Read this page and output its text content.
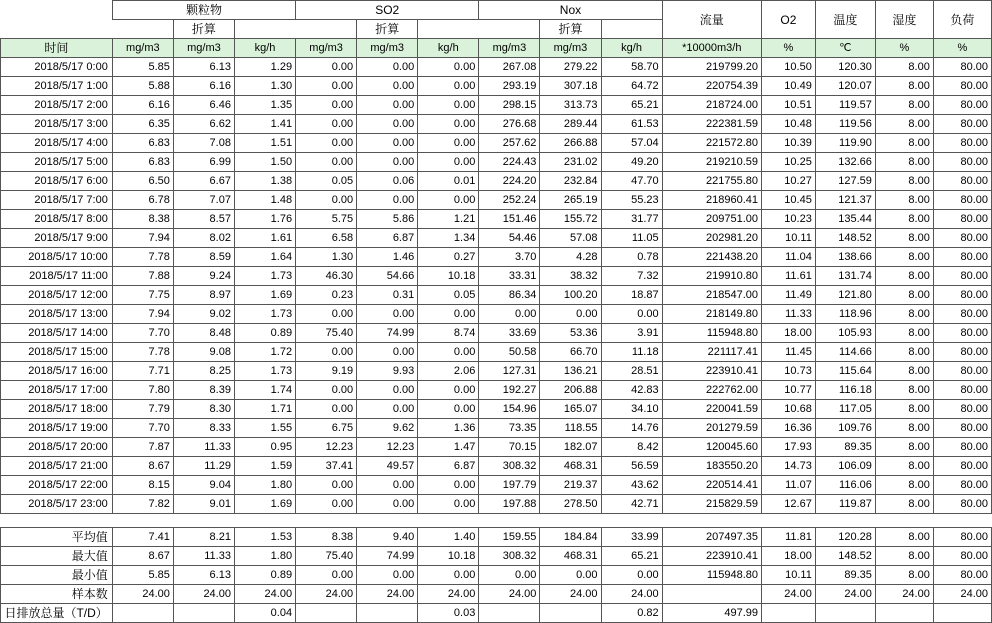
	颗粒物			SO2			Nox			流量	O2	温度	湿度	负荷
		折算			折算			折算						
时间	mg/m3	mg/m3	kg/h	mg/m3	mg/m3	kg/h	mg/m3	mg/m3	kg/h	*10000m3/h	%	℃	%	%
2018/5/17 0:00	5.85	6.13	1.29	0.00	0.00	0.00	267.08	279.22	58.70	219799.20	10.50	120.30	8.00	80.00
2018/5/17 1:00	5.88	6.16	1.30	0.00	0.00	0.00	293.19	307.18	64.72	220754.39	10.49	120.07	8.00	80.00
2018/5/17 2:00	6.16	6.46	1.35	0.00	0.00	0.00	298.15	313.73	65.21	218724.00	10.51	119.57	8.00	80.00
2018/5/17 3:00	6.35	6.62	1.41	0.00	0.00	0.00	276.68	289.44	61.53	222381.59	10.48	119.56	8.00	80.00
2018/5/17 4:00	6.83	7.08	1.51	0.00	0.00	0.00	257.62	266.88	57.04	221572.80	10.39	119.90	8.00	80.00
2018/5/17 5:00	6.83	6.99	1.50	0.00	0.00	0.00	224.43	231.02	49.20	219210.59	10.25	132.66	8.00	80.00
2018/5/17 6:00	6.50	6.67	1.38	0.05	0.06	0.01	224.20	232.84	47.70	221755.80	10.27	127.59	8.00	80.00
2018/5/17 7:00	6.78	7.07	1.48	0.00	0.00	0.00	252.24	265.19	55.23	218960.41	10.45	121.37	8.00	80.00
2018/5/17 8:00	8.38	8.57	1.76	5.75	5.86	1.21	151.46	155.72	31.77	209751.00	10.23	135.44	8.00	80.00
2018/5/17 9:00	7.94	8.02	1.61	6.58	6.87	1.34	54.46	57.08	11.05	202981.20	10.11	148.52	8.00	80.00
2018/5/17 10:00	7.78	8.59	1.64	1.30	1.46	0.27	3.70	4.28	0.78	221438.20	11.04	138.66	8.00	80.00
2018/5/17 11:00	7.88	9.24	1.73	46.30	54.66	10.18	33.31	38.32	7.32	219910.80	11.61	131.74	8.00	80.00
2018/5/17 12:00	7.75	8.97	1.69	0.23	0.31	0.05	86.34	100.20	18.87	218547.00	11.49	121.80	8.00	80.00
2018/5/17 13:00	7.94	9.02	1.73	0.00	0.00	0.00	0.00	0.00	0.00	218149.80	11.33	118.96	8.00	80.00
2018/5/17 14:00	7.70	8.48	0.89	75.40	74.99	8.74	33.69	53.36	3.91	115948.80	18.00	105.93	8.00	80.00
2018/5/17 15:00	7.78	9.08	1.72	0.00	0.00	0.00	50.58	66.70	11.18	221117.41	11.45	114.66	8.00	80.00
2018/5/17 16:00	7.71	8.25	1.73	9.19	9.93	2.06	127.31	136.21	28.51	223910.41	10.73	115.64	8.00	80.00
2018/5/17 17:00	7.80	8.39	1.74	0.00	0.00	0.00	192.27	206.88	42.83	222762.00	10.77	116.18	8.00	80.00
2018/5/17 18:00	7.79	8.30	1.71	0.00	0.00	0.00	154.96	165.07	34.10	220041.59	10.68	117.05	8.00	80.00
2018/5/17 19:00	7.70	8.33	1.55	6.75	9.62	1.36	73.35	118.55	14.76	201279.59	16.36	109.76	8.00	80.00
2018/5/17 20:00	7.87	11.33	0.95	12.23	12.23	1.47	70.15	182.07	8.42	120045.60	17.93	89.35	8.00	80.00
2018/5/17 21:00	8.67	11.29	1.59	37.41	49.57	6.87	308.32	468.31	56.59	183550.20	14.73	106.09	8.00	80.00
2018/5/17 22:00	8.15	9.04	1.80	0.00	0.00	0.00	197.79	219.37	43.62	220514.41	11.07	116.06	8.00	80.00
2018/5/17 23:00	7.82	9.01	1.69	0.00	0.00	0.00	197.88	278.50	42.71	215829.59	12.67	119.87	8.00	80.00

平均值	7.41	8.21	1.53	8.38	9.40	1.40	159.55	184.84	33.99	207497.35	11.81	120.28	8.00	80.00
最大值	8.67	11.33	1.80	75.40	74.99	10.18	308.32	468.31	65.21	223910.41	18.00	148.52	8.00	80.00
最小值	5.85	6.13	0.89	0.00	0.00	0.00	0.00	0.00	0.00	115948.80	10.11	89.35	8.00	80.00
样本数	24.00	24.00	24.00	24.00	24.00	24.00	24.00	24.00	24.00		24.00	24.00	24.00	24.00
日排放总量（T/D）			0.04			0.03			0.82	497.99				
